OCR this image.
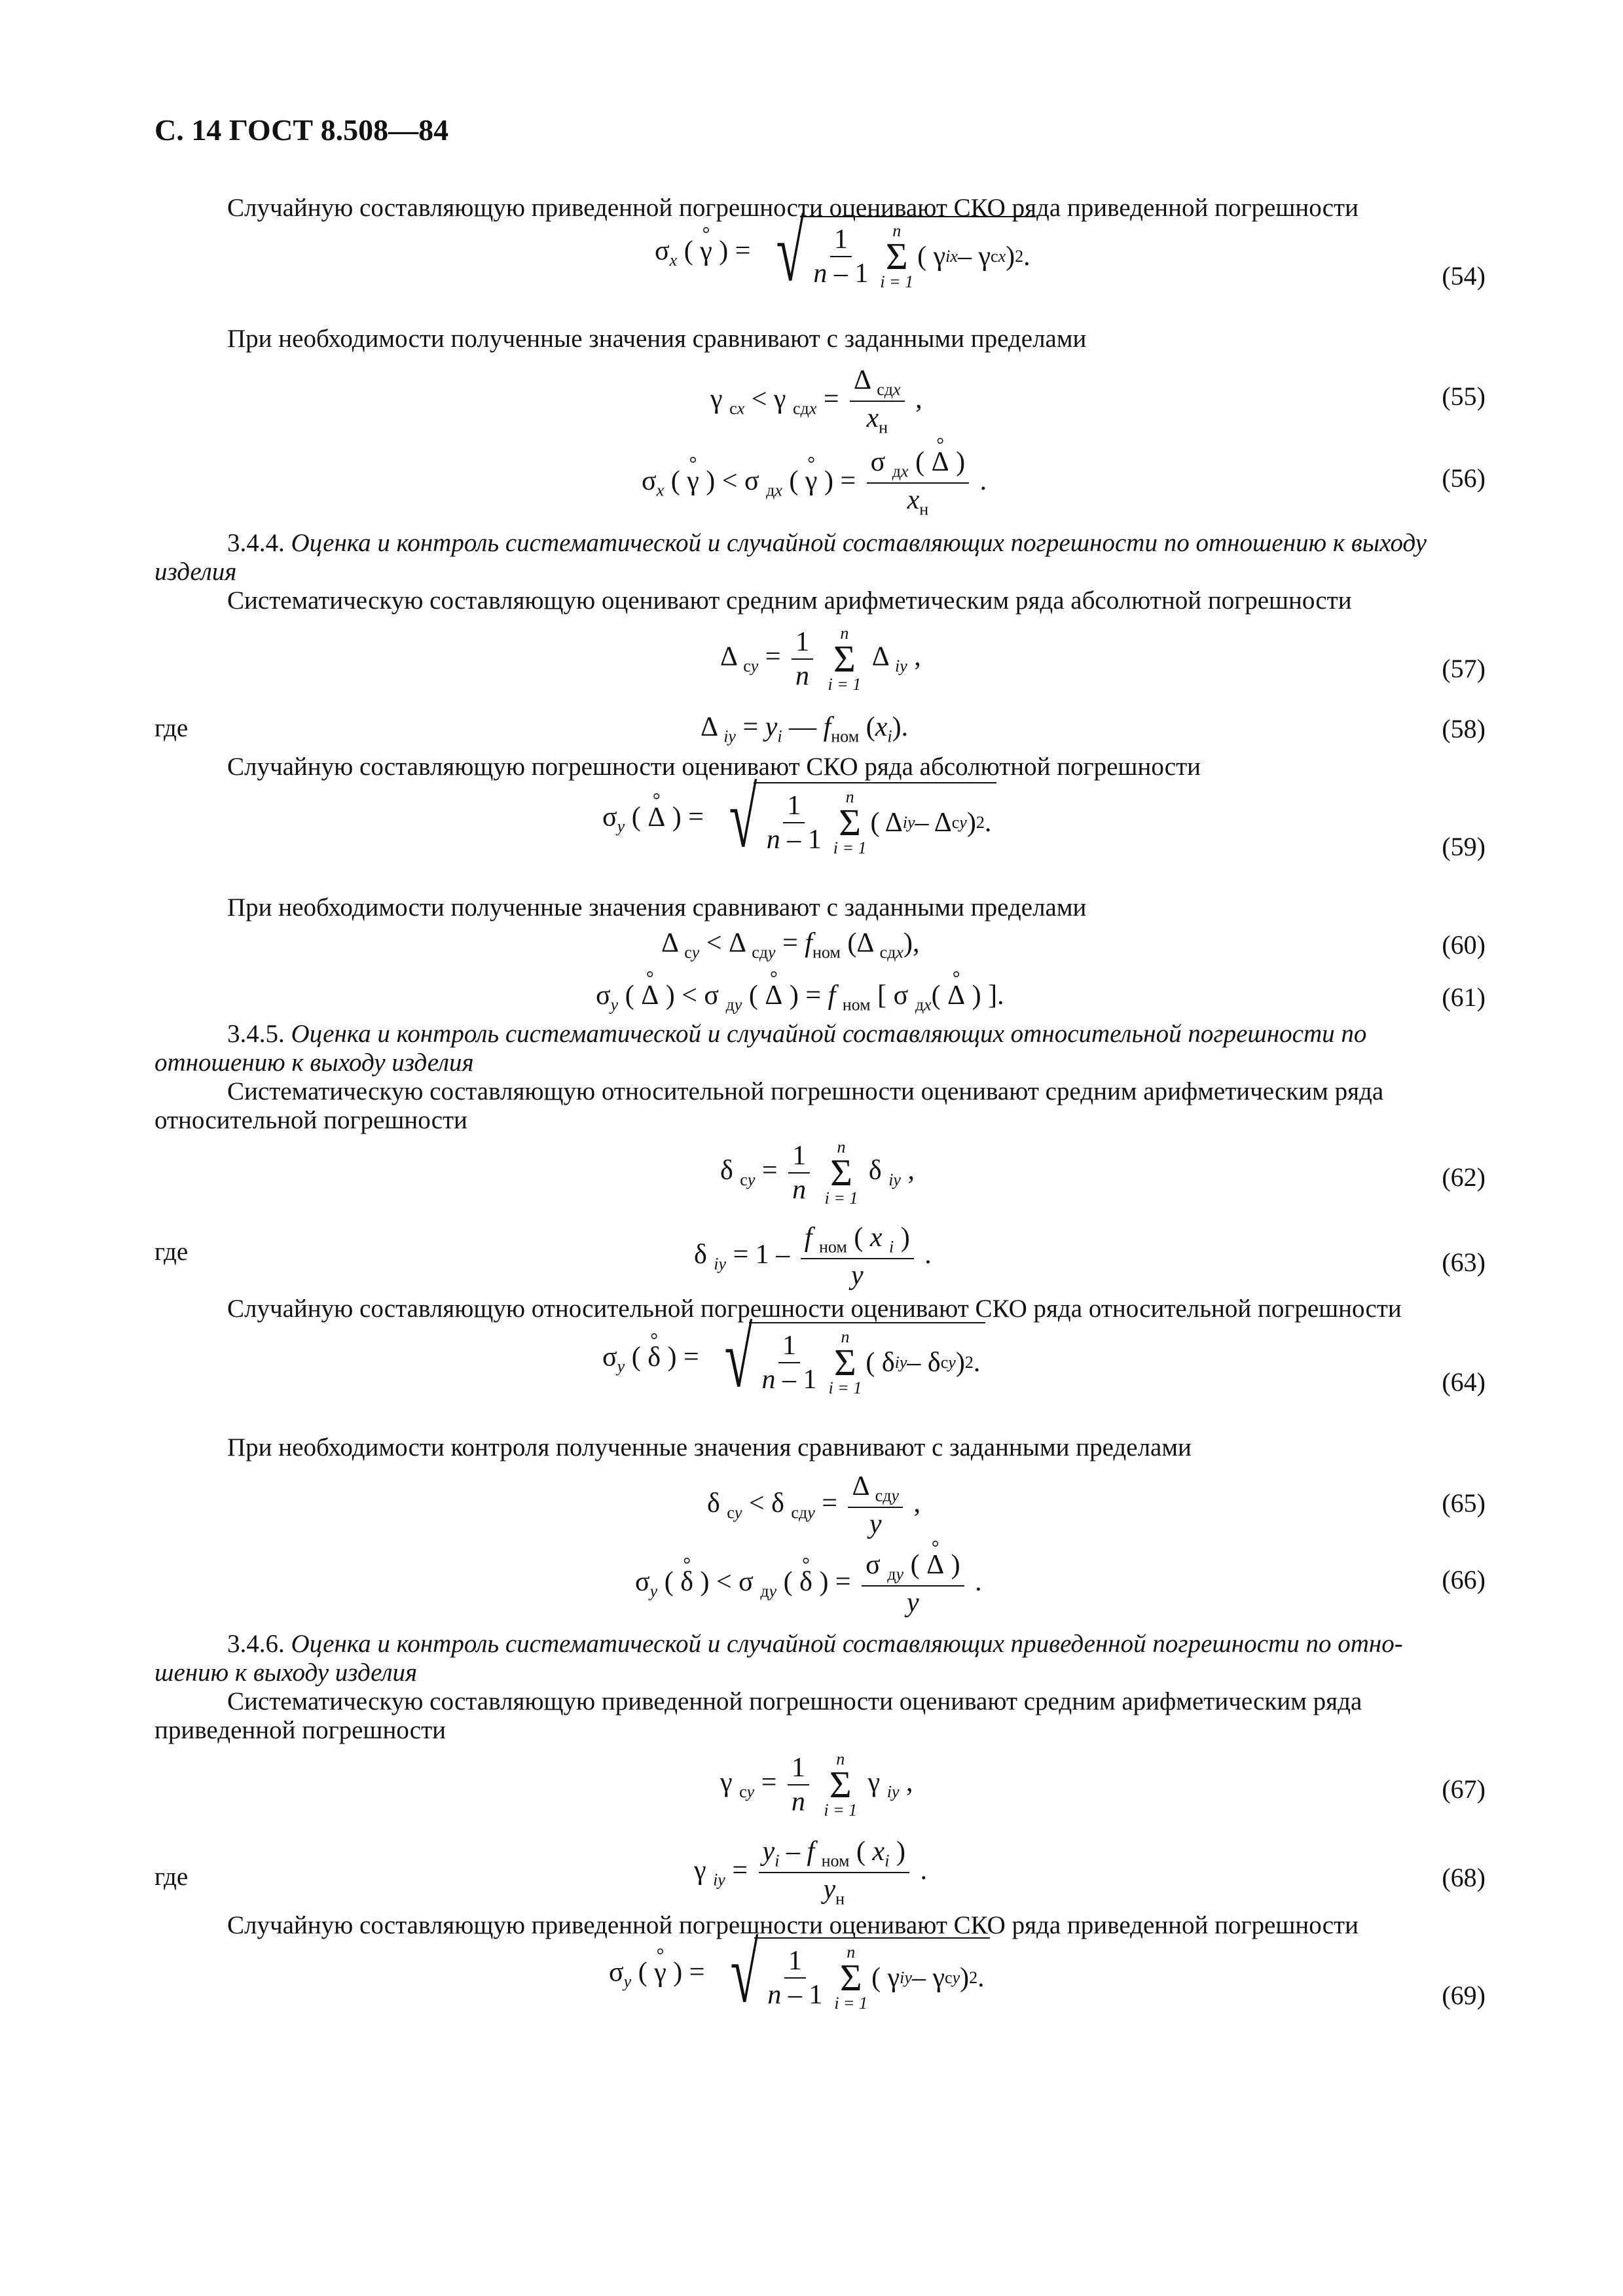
С. 14 ГОСТ 8.508—84
Случайную составляющую приведенной погрешности оценивают СКО ряда приведенной погрешности
$\sigma_x$ ( ° γ ) = √ $\frac{1}{n - 1}$ n
Σ
i = 1
( γ ix – γ сx ) 2 .
(54)
При необходимости полученные значения сравнивают с заданными пределами
γ $_{сx}$ < γ $_{сдx} = \frac{\Delta _{сдx}}{x_н}$ ,	(55)
$\sigma_x$ ( ° γ ) < σ $_{дx}$ ( ° γ ) = $\frac{\sigma _{дx} ( ^\circ \Delta )}{x_н}$ .	(56)
3.4.4. Оценка и контроль систематической и случайной составляющих погрешности по отношению к выходу
изделия
Систематическую составляющую оценивают средним арифметическим ряда абсолютной погрешности
Δ $_{сy} = \frac{1}{n}$
n
Σ
i = 1
Δ $_{iy}$ ,	(57)
где	Δ $_{iy} = y_i$ — $f_{ном}$ $(x_i)$.	(58)
Случайную составляющую погрешности оценивают СКО ряда абсолютной погрешности
$\sigma_y$ ( ° Δ ) = √ $\frac{1}{n - 1}$ n
Σ
i = 1
( Δ iy – Δ сy ) 2 .
(59)
При необходимости полученные значения сравнивают с заданными пределами
Δ $_{сy}$ < Δ $_{сдy} = f_{ном}$ (Δ $_{сдx}$),	(60)
$\sigma_y$ ( ° Δ ) < σ $_{дy}$ ( ° Δ ) = f $_{ном}$ [ σ $_{дx}$( ° Δ ) ].	(61)
3.4.5. Оценка и контроль систематической и случайной составляющих относительной погрешности по
отношению к выходу изделия
Систематическую составляющую относительной погрешности оценивают средним арифметическим ряда
относительной погрешности
δ $_{сy} = \frac{1}{n}$
n
Σ
i = 1
δ $_{iy}$ ,	(62)
где	δ $_{iy} = 1 - \frac{f _{ном} ( x _i )}{y}$ .	(63)
Случайную составляющую относительной погрешности оценивают СКО ряда относительной погрешности
$\sigma_y$ ( ° δ ) = √ $\frac{1}{n - 1}$ n
Σ
i = 1
( δ iy – δ сy ) 2 .
(64)
При необходимости контроля полученные значения сравнивают с заданными пределами
δ $_{сy}$ < δ $_{сдy} = \frac{\Delta _{сдy}}{y}$ ,	(65)
$\sigma_y$ ( ° δ ) < σ $_{дy}$ ( ° δ ) = $\frac{\sigma _{дy} ( ^\circ \Delta )}{y}$ .	(66)
3.4.6. Оценка и контроль систематической и случайной составляющих приведенной погрешности по отно-
шению к выходу изделия
Систематическую составляющую приведенной погрешности оценивают средним арифметическим ряда
приведенной погрешности
γ $_{сy} = \frac{1}{n}$
n
Σ
i = 1
γ $_{iy}$ ,	(67)
где	γ $_{iy} = \frac{y_i - f _{ном} ( x_i )}{y_н}$ .	(68)
Случайную составляющую приведенной погрешности оценивают СКО ряда приведенной погрешности
$\sigma_y$ ( ° γ ) = √ $\frac{1}{n - 1}$ n
Σ
i = 1
( γ iy – γ сy ) 2 .
(69)
